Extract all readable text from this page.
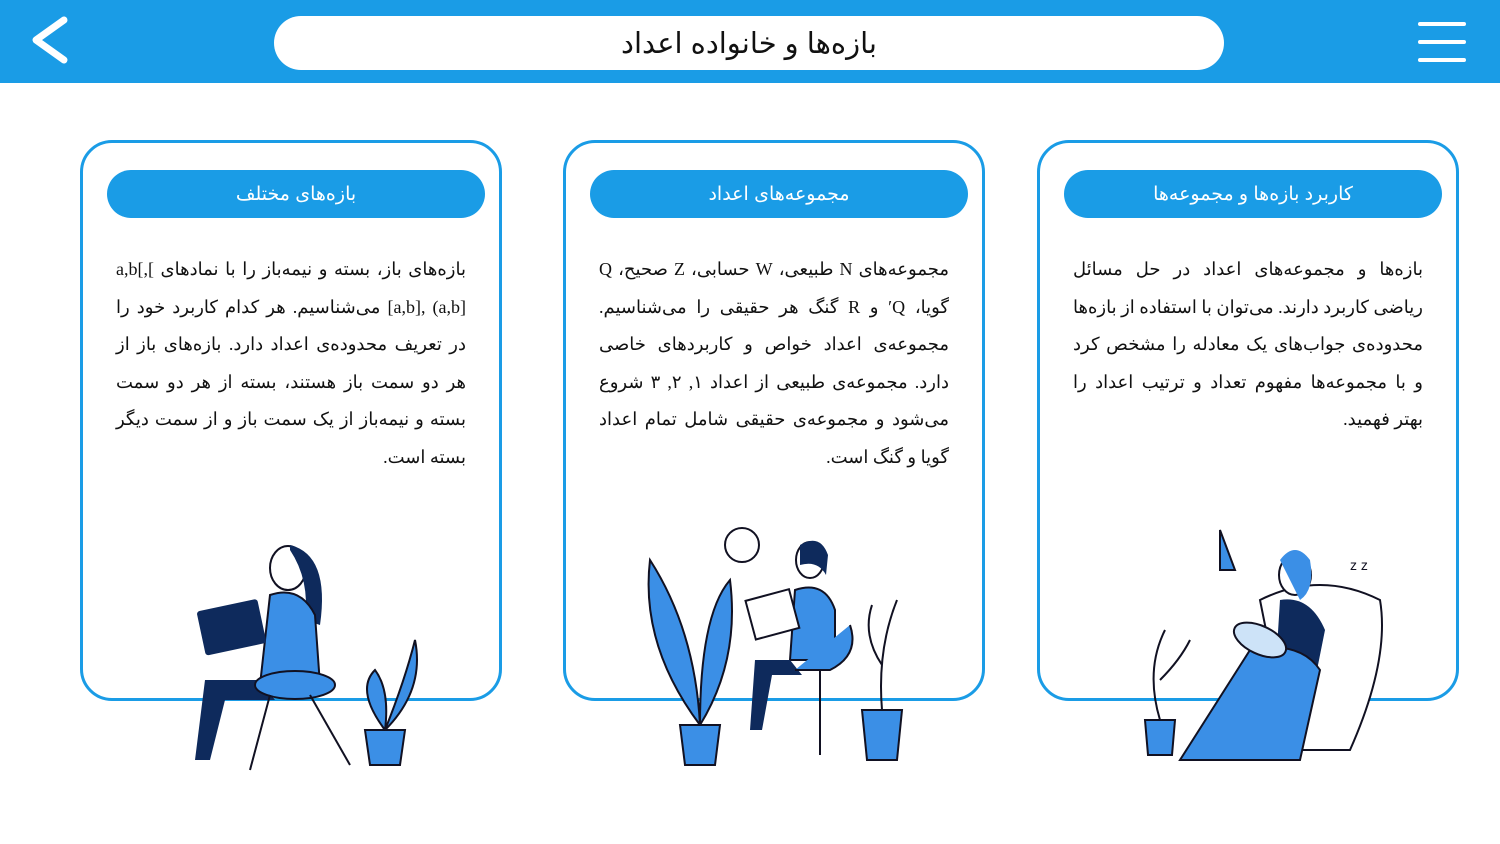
بازه‌ها و خانواده اعداد
بازه‌های مختلف
بازه‌های باز، بسته و نیمه‌باز را با نمادهای ]a,b[, [a,b], (a,b] می‌شناسیم. هر کدام کاربرد خود را در تعریف محدوده‌ی اعداد دارد. بازه‌های باز از هر دو سمت باز هستند، بسته از هر دو سمت بسته و نیمه‌باز از یک سمت باز و از سمت دیگر بسته است.
مجموعه‌های اعداد
مجموعه‌های N طبیعی، W حسابی، Z صحیح، Q گویا، Q′ و R گنگ هر حقیقی را می‌شناسیم. مجموعه‌ی اعداد خواص و کاربردهای خاصی دارد. مجموعه‌ی طبیعی از اعداد ۱, ۲, ۳ شروع می‌شود و مجموعه‌ی حقیقی شامل تمام اعداد گویا و گنگ است.
کاربرد بازه‌ها و مجموعه‌ها
بازه‌ها و مجموعه‌های اعداد در حل مسائل ریاضی کاربرد دارند. می‌توان با استفاده از بازه‌ها محدوده‌ی جواب‌های یک معادله را مشخص کرد و با مجموعه‌ها مفهوم تعداد و ترتیب اعداد را بهتر فهمید.
z z
